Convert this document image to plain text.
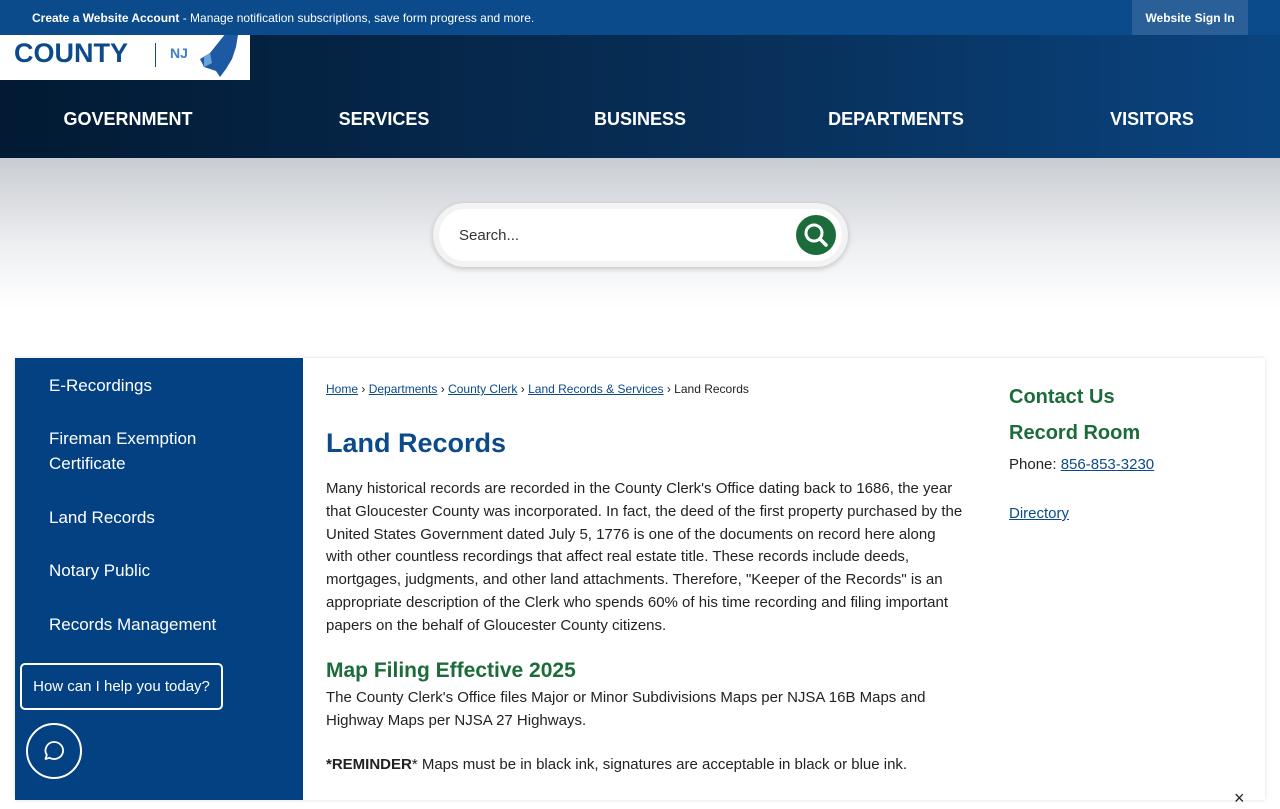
Create a Website Account - Manage notification subscriptions, save form progress and more.	Website Sign In
COUNTY	NJ
GOVERNMENT	SERVICES	BUSINESS	DEPARTMENTS	VISITORS
Search...
E-Recordings
Fireman Exemption Certificate
Land Records
Notary Public
Records Management
Home › Departments › County Clerk › Land Records & Services › Land Records
Land Records

Many historical records are recorded in the County Clerk's Office dating back to 1686, the year that Gloucester County was incorporated. In fact, the deed of the first property purchased by the United States Government dated July 5, 1776 is one of the documents on record here along with other countless recordings that affect real estate title. These records include deeds, mortgages, judgments, and other land attachments. Therefore, "Keeper of the Records" is an appropriate description of the Clerk who spends 60% of his time recording and filing important papers on the behalf of Gloucester County citizens.

Map Filing Effective 2025

The County Clerk's Office files Major or Minor Subdivisions Maps per NJSA 16B Maps and Highway Maps per NJSA 27 Highways.

*REMINDER* Maps must be in black ink, signatures are acceptable in black or blue ink.

Contact Us
Record Room
Phone: 856-853-3230
Directory
How can I help you today?
×
